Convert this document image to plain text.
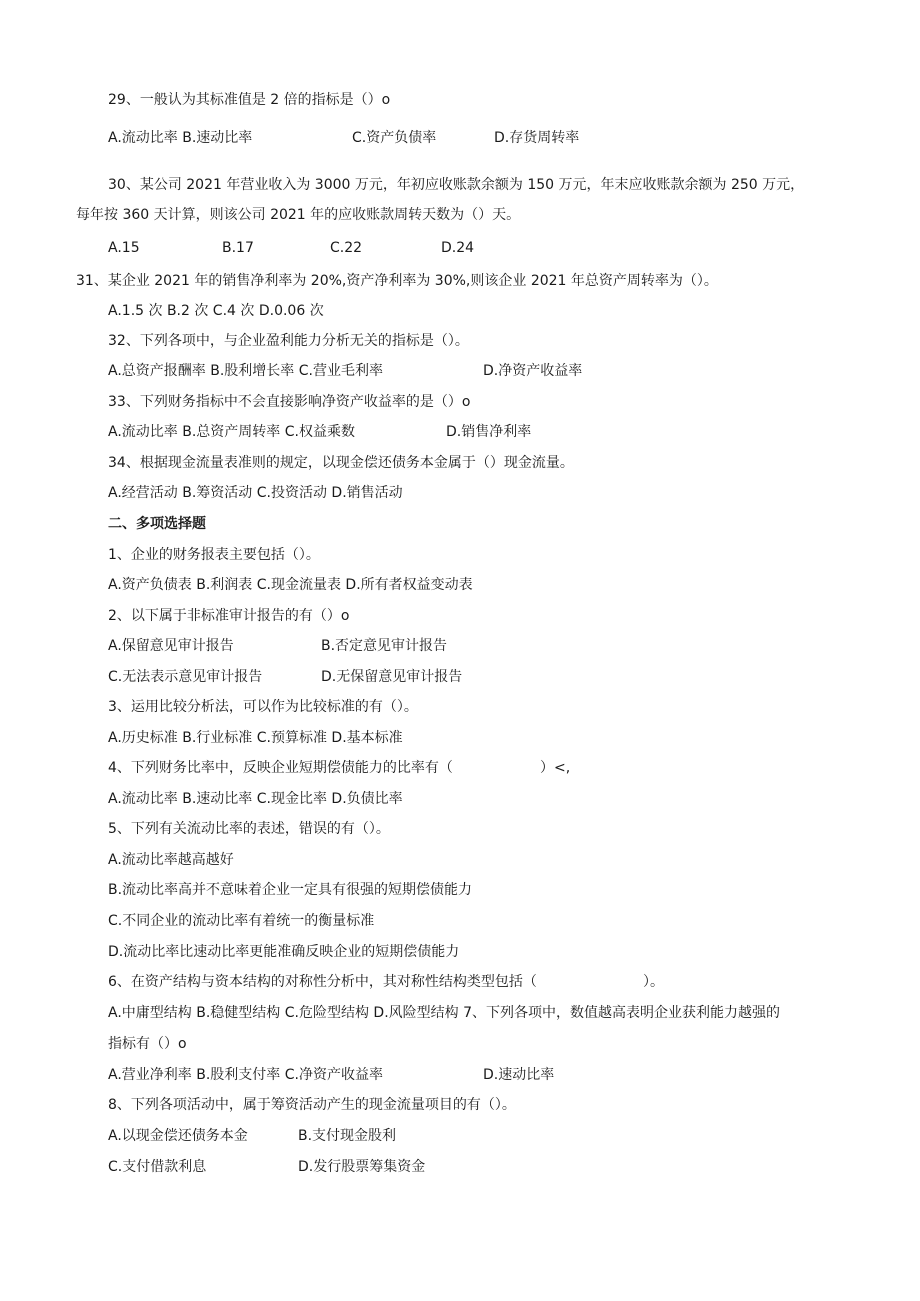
29、一般认为其标准值是 2 倍的指标是（）o
A.流动比率 B.速动比率	C.资产负债率	D.存货周转率
30、某公司 2021 年营业收入为 3000 万元，年初应收账款余额为 150 万元，年末应收账款余额为 250 万元，
每年按 360 天计算，则该公司 2021 年的应收账款周转天数为（）天。
A.15	B.17	C.22	D.24
31、某企业 2021 年的销售净利率为 20%,资产净利率为 30%,则该企业 2021 年总资产周转率为（）。
A.1.5 次 B.2 次 C.4 次 D.0.06 次
32、下列各项中，与企业盈利能力分析无关的指标是（）。
A.总资产报酬率 B.股利增长率 C.营业毛利率	D.净资产收益率
33、下列财务指标中不会直接影响净资产收益率的是（）o
A.流动比率 B.总资产周转率 C.权益乘数	D.销售净利率
34、根据现金流量表准则的规定，以现金偿还债务本金属于（）现金流量。
A.经营活动 B.筹资活动 C.投资活动 D.销售活动
二、多项选择题
1、企业的财务报表主要包括（）。
A.资产负债表 B.利润表 C.现金流量表 D.所有者权益变动表
2、以下属于非标准审计报告的有（）o
A.保留意见审计报告	B.否定意见审计报告
C.无法表示意见审计报告	D.无保留意见审计报告
3、运用比较分析法，可以作为比较标准的有（）。
A.历史标准 B.行业标准 C.预算标准 D.基本标准
4、下列财务比率中，反映企业短期偿债能力的比率有（	）<,
A.流动比率 B.速动比率 C.现金比率 D.负债比率
5、下列有关流动比率的表述，错误的有（）。
A.流动比率越高越好
B.流动比率高并不意味着企业一定具有很强的短期偿债能力
C.不同企业的流动比率有着统一的衡量标准
D.流动比率比速动比率更能准确反映企业的短期偿债能力
6、在资产结构与资本结构的对称性分析中，其对称性结构类型包括（	）。
A.中庸型结构 B.稳健型结构 C.危险型结构 D.风险型结构 7、下列各项中，数值越高表明企业获利能力越强的
指标有（）o
A.营业净利率 B.股利支付率 C.净资产收益率	D.速动比率
8、下列各项活动中，属于筹资活动产生的现金流量项目的有（）。
A.以现金偿还债务本金	B.支付现金股利
C.支付借款利息	D.发行股票筹集资金
